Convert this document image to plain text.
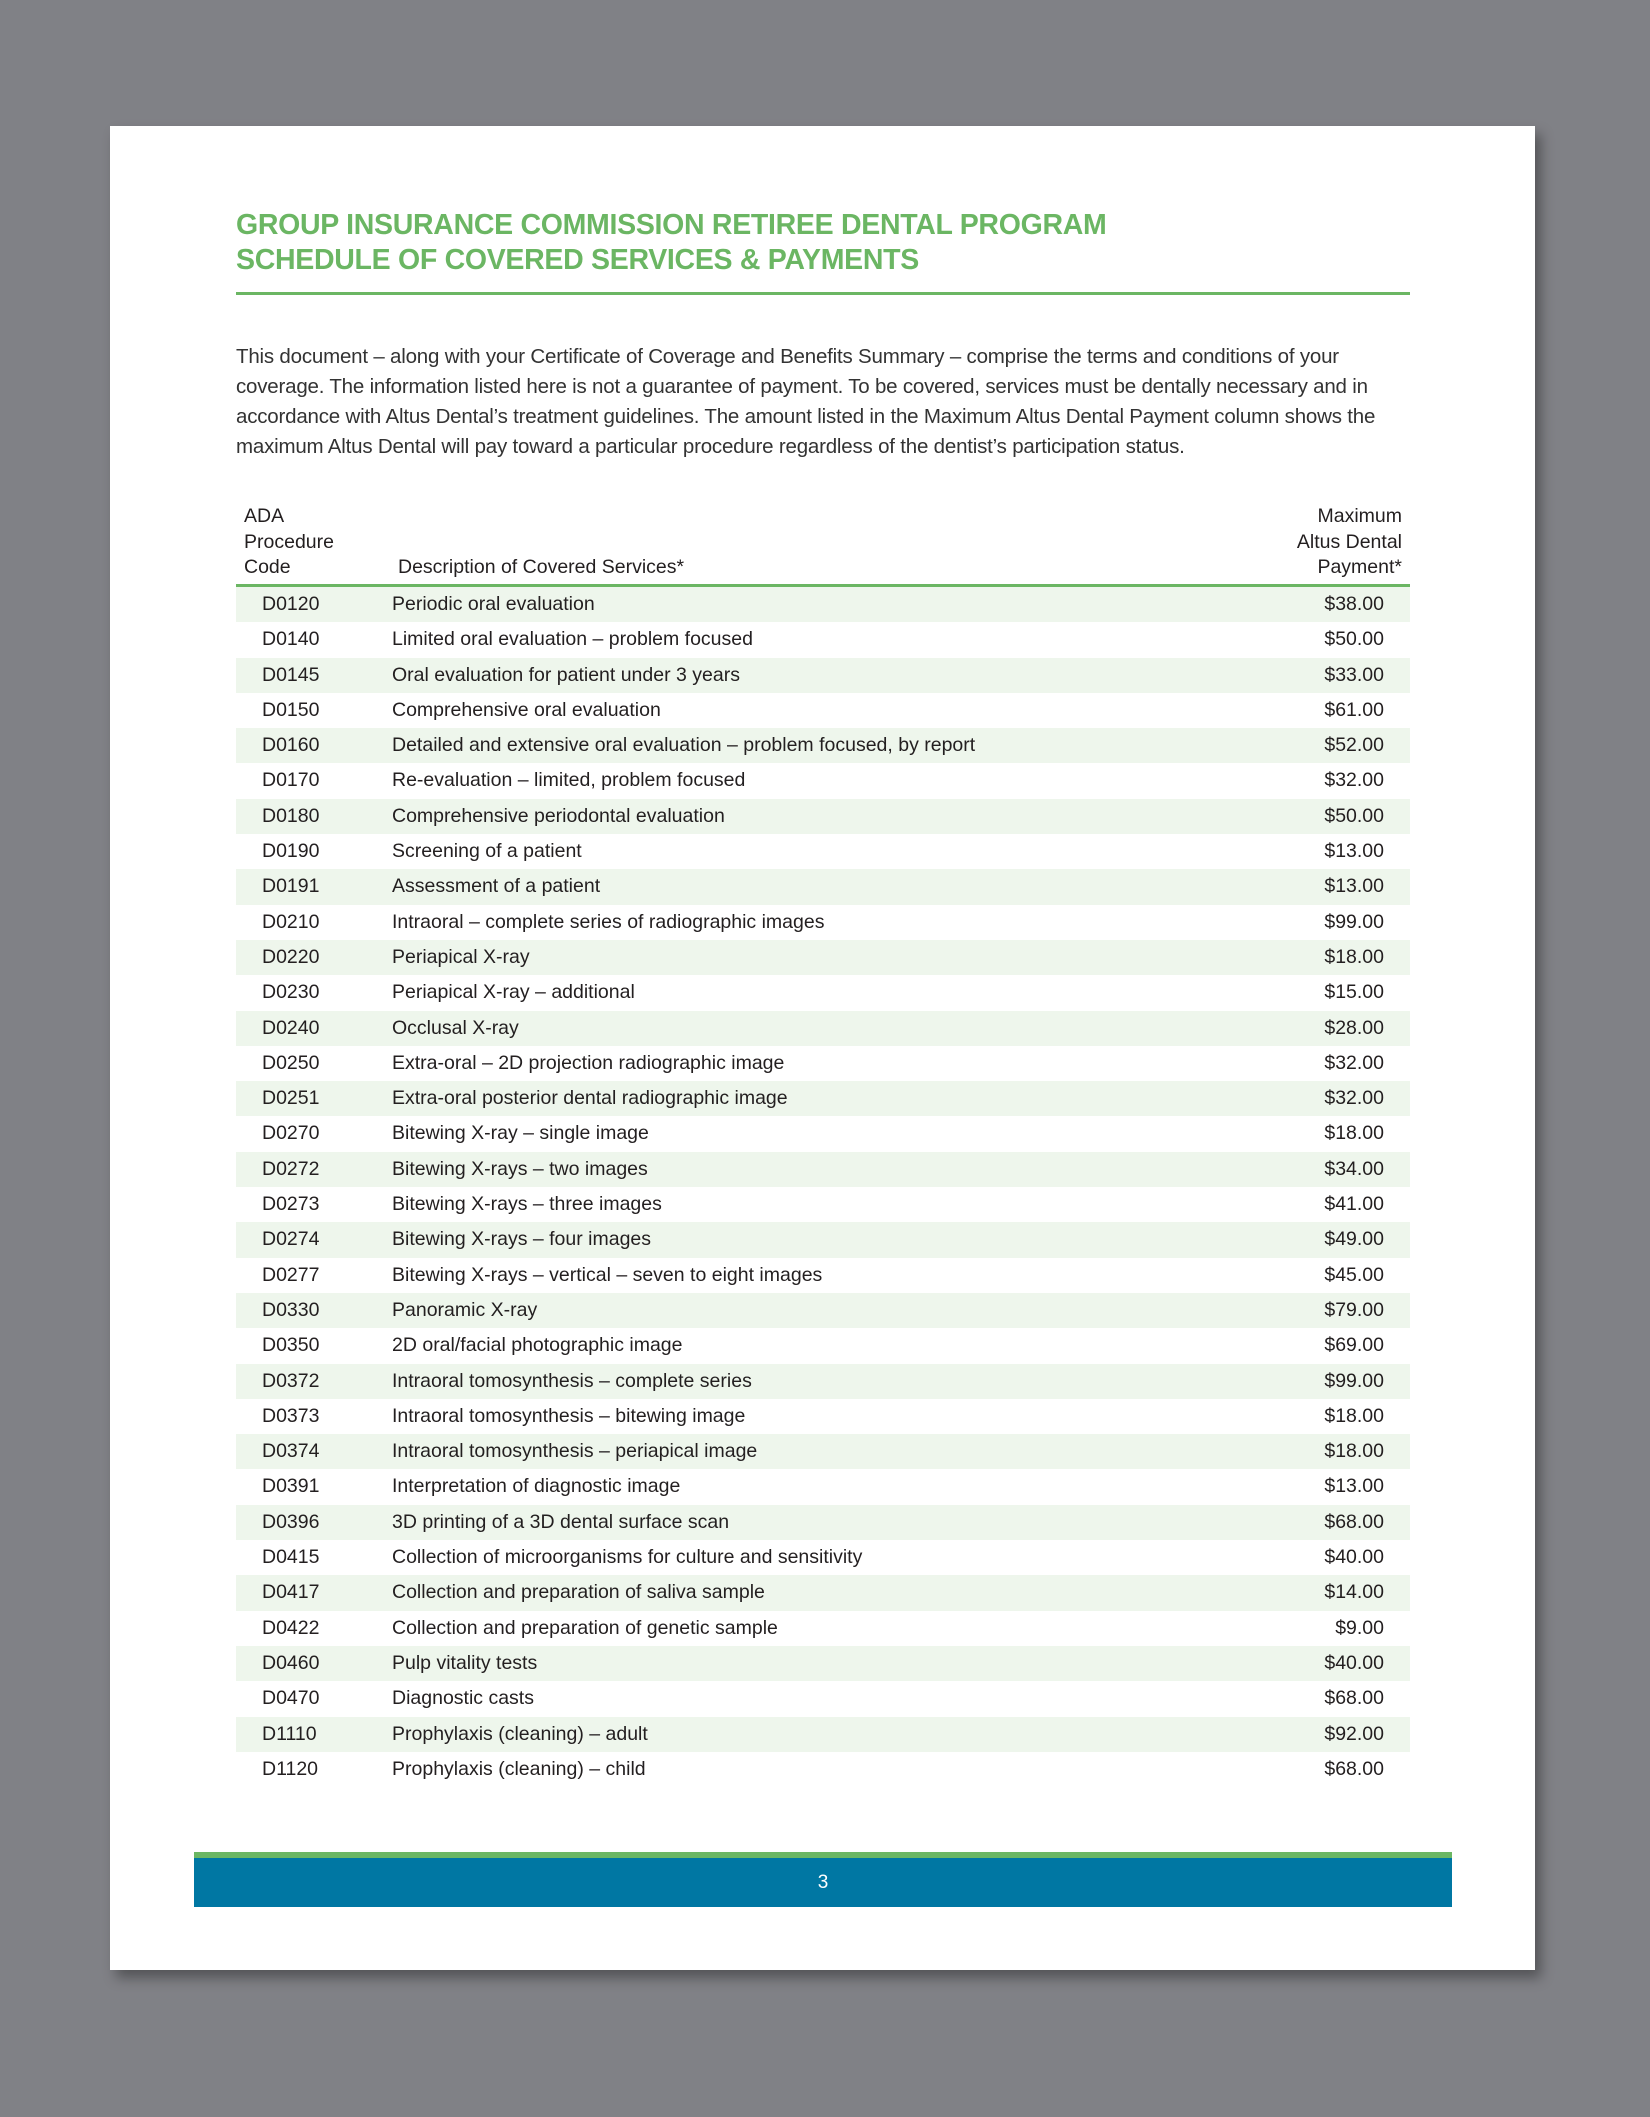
GROUP INSURANCE COMMISSION RETIREE DENTAL PROGRAM
SCHEDULE OF COVERED SERVICES & PAYMENTS
This document – along with your Certificate of Coverage and Benefits Summary – comprise the terms and conditions of your coverage. The information listed here is not a guarantee of payment. To be covered, services must be dentally necessary and in accordance with Altus Dental’s treatment guidelines. The amount listed in the Maximum Altus Dental Payment column shows the maximum Altus Dental will pay toward a particular procedure regardless of the dentist’s participation status.
ADA
Procedure
Code	Description of Covered Services*
Maximum
Altus Dental
Payment*
D0120	Periodic oral evaluation	$38.00
D0140	Limited oral evaluation – problem focused	$50.00
D0145	Oral evaluation for patient under 3 years	$33.00
D0150	Comprehensive oral evaluation	$61.00
D0160	Detailed and extensive oral evaluation – problem focused, by report	$52.00
D0170	Re-evaluation – limited, problem focused	$32.00
D0180	Comprehensive periodontal evaluation	$50.00
D0190	Screening of a patient	$13.00
D0191	Assessment of a patient	$13.00
D0210	Intraoral – complete series of radiographic images	$99.00
D0220	Periapical X-ray	$18.00
D0230	Periapical X-ray – additional	$15.00
D0240	Occlusal X-ray	$28.00
D0250	Extra-oral – 2D projection radiographic image	$32.00
D0251	Extra-oral posterior dental radiographic image	$32.00
D0270	Bitewing X-ray – single image	$18.00
D0272	Bitewing X-rays – two images	$34.00
D0273	Bitewing X-rays – three images	$41.00
D0274	Bitewing X-rays – four images	$49.00
D0277	Bitewing X-rays – vertical – seven to eight images	$45.00
D0330	Panoramic X-ray	$79.00
D0350	2D oral/facial photographic image	$69.00
D0372	Intraoral tomosynthesis – complete series	$99.00
D0373	Intraoral tomosynthesis – bitewing image	$18.00
D0374	Intraoral tomosynthesis – periapical image	$18.00
D0391	Interpretation of diagnostic image	$13.00
D0396	3D printing of a 3D dental surface scan	$68.00
D0415	Collection of microorganisms for culture and sensitivity	$40.00
D0417	Collection and preparation of saliva sample	$14.00
D0422	Collection and preparation of genetic sample	$9.00
D0460	Pulp vitality tests	$40.00
D0470	Diagnostic casts	$68.00
D1110	Prophylaxis (cleaning) – adult	$92.00
D1120	Prophylaxis (cleaning) – child	$68.00
3
